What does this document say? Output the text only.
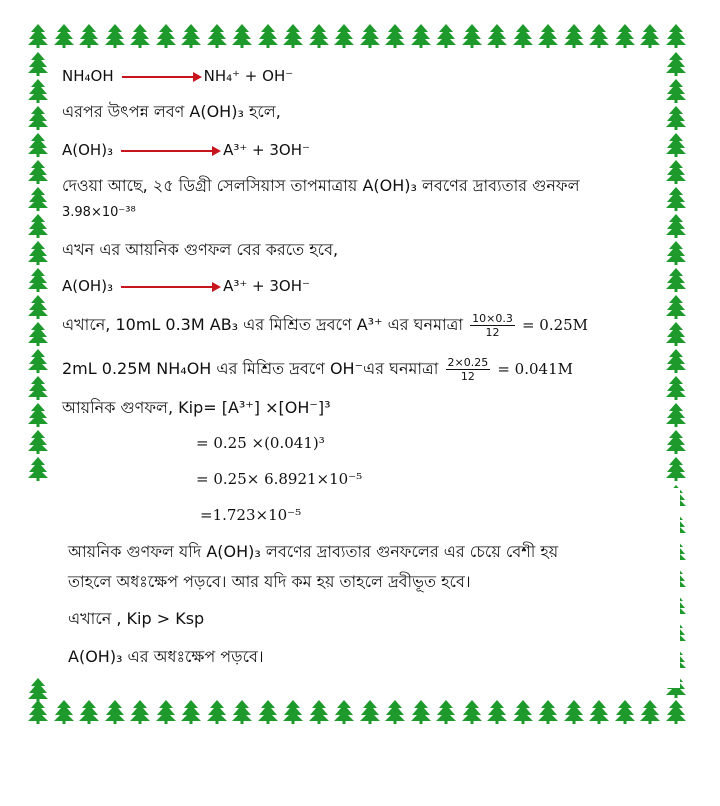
NH₄OH	NH₄⁺ + OH⁻
এরপর উৎপন্ন লবণ A(OH)₃ হলে,
A(OH)₃	A³⁺ + 3OH⁻
দেওয়া আছে, ২৫ ডিগ্রী সেলসিয়াস তাপমাত্রায় A(OH)₃ লবণের দ্রাব্যতার গুনফল
3.98×10⁻³⁸
এখন এর আয়নিক গুণফল বের করতে হবে,
A(OH)₃	A³⁺ + 3OH⁻
এখানে, 10mL 0.3M AB₃ এর মিশ্রিত দ্রবণে A³⁺ এর ঘনমাত্রা $\frac{10\times 0.3}{12} = 0.25M$
2mL 0.25M NH₄OH এর মিশ্রিত দ্রবণে OH⁻এর ঘনমাত্রা $\frac{2\times 0.25}{12} = 0.041M$
আয়নিক গুণফল, Kip= [A³⁺] ×[OH⁻]³
= 0.25 ×(0.041)³
= 0.25× 6.8921×10⁻⁵
=1.723×10⁻⁵
আয়নিক গুণফল যদি A(OH)₃ লবণের দ্রাব্যতার গুনফলের এর চেয়ে বেশী হয়
তাহলে অধঃক্ষেপ পড়বে। আর যদি কম হয় তাহলে দ্রবীভূত হবে।
এখানে , Kip > Ksp
A(OH)₃ এর অধঃক্ষেপ পড়বে।
